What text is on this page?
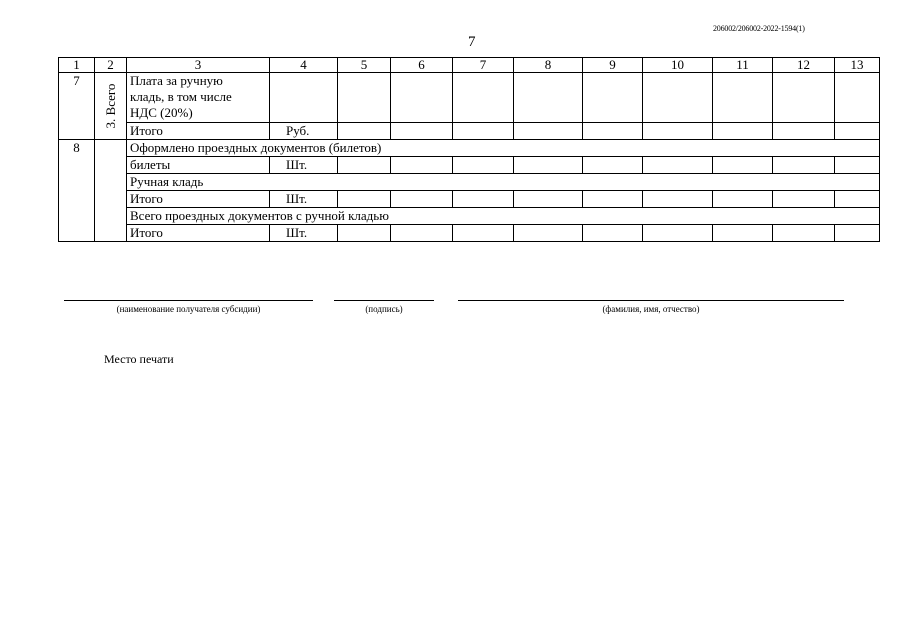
206002/206002-2022-1594(1)
7
1	2	3	4	5	6	7	8	9	10	11	12	13
7	3. Всего	Плата за ручную
кладь, в том числе
НДС (20%)										

		Итого	Руб.									
8		Оформлено проездных документов (билетов)										
		билеты	Шт.									
		Ручная кладь										
		Итого	Шт.									
		Всего проездных документов с ручной кладью										
		Итого	Шт.									
(наименование получателя субсидии)	(подпись)	(фамилия, имя, отчество)
Место печати
